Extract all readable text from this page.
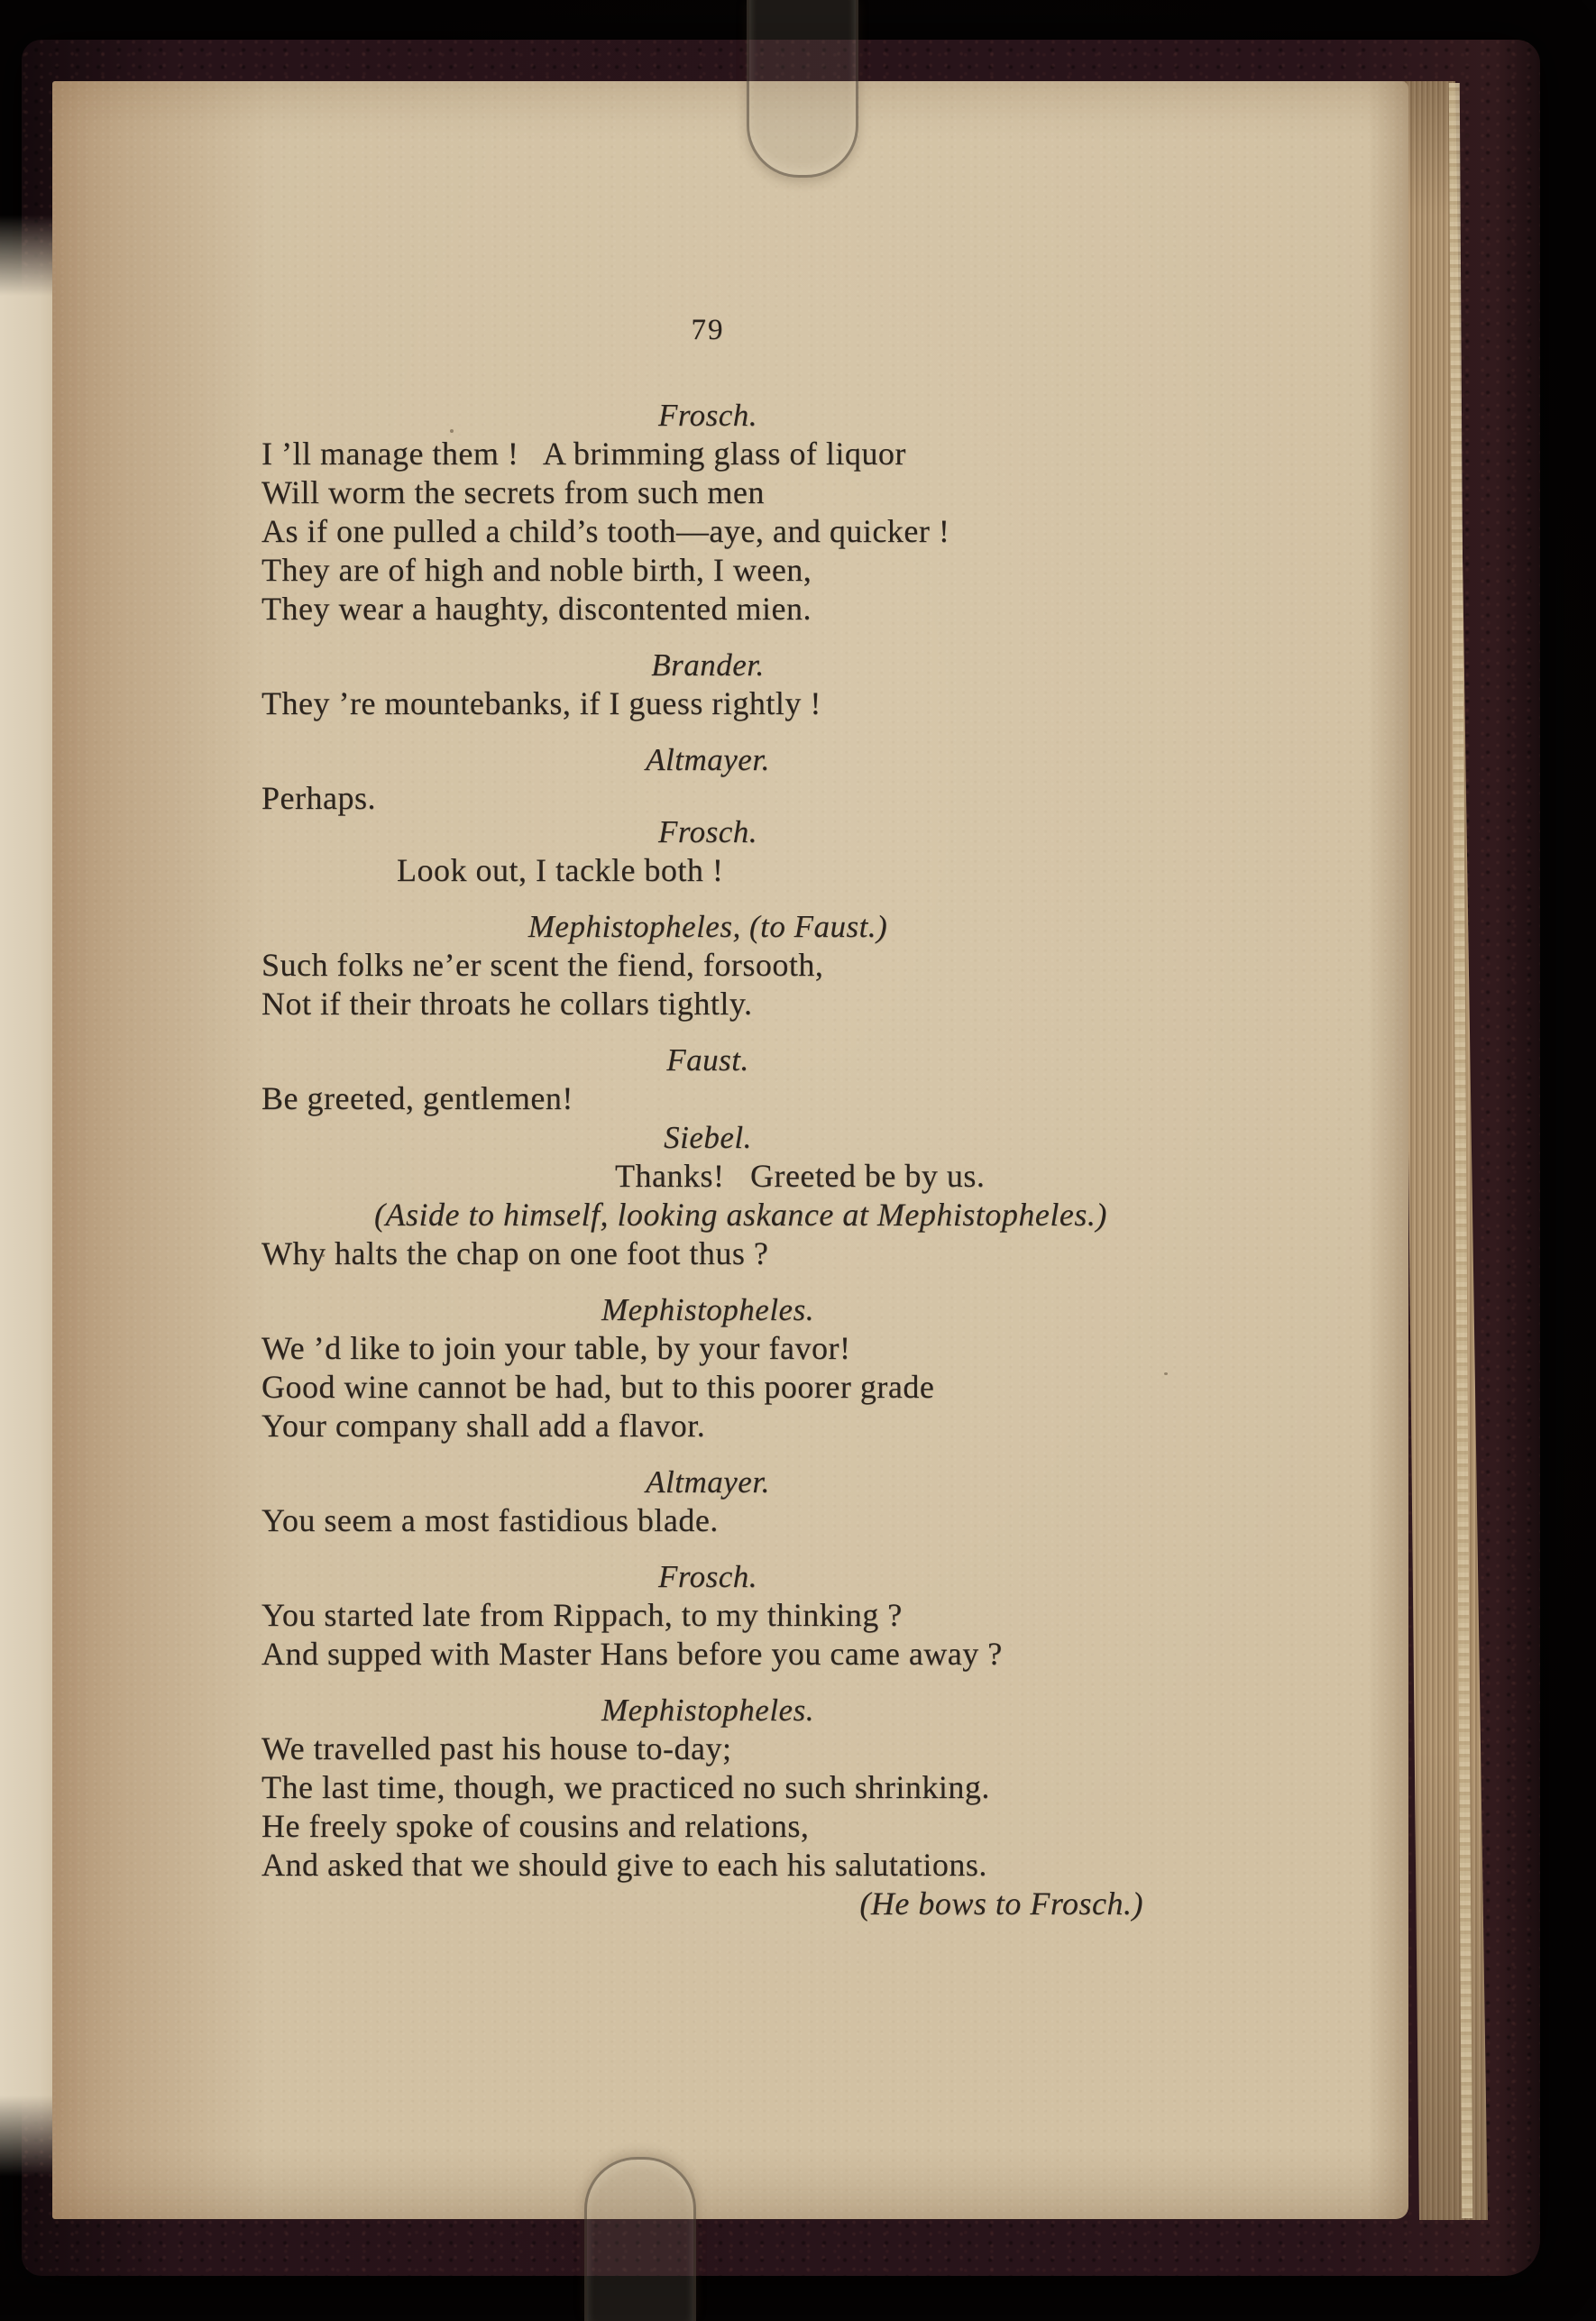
79
Frosch.
I ’ll manage them !   A brimming glass of liquor
Will worm the secrets from such men
As if one pulled a child’s tooth—aye, and quicker !
They are of high and noble birth, I ween,
They wear a haughty, discontented mien.
Brander.
They ’re mountebanks, if I guess rightly !
Altmayer.
Perhaps.
Frosch.
Look out, I tackle both !
Mephistopheles, (to Faust.)
Such folks ne’er scent the fiend, forsooth,
Not if their throats he collars tightly.
Faust.
Be greeted, gentlemen!
Siebel.
Thanks!   Greeted be by us.
(Aside to himself, looking askance at Mephistopheles.)
Why halts the chap on one foot thus ?
Mephistopheles.
We ’d like to join your table, by your favor!
Good wine cannot be had, but to this poorer grade
Your company shall add a flavor.
Altmayer.
You seem a most fastidious blade.
Frosch.
You started late from Rippach, to my thinking ?
And supped with Master Hans before you came away ?
Mephistopheles.
We travelled past his house to-day;
The last time, though, we practiced no such shrinking.
He freely spoke of cousins and relations,
And asked that we should give to each his salutations.
(He bows to Frosch.)
